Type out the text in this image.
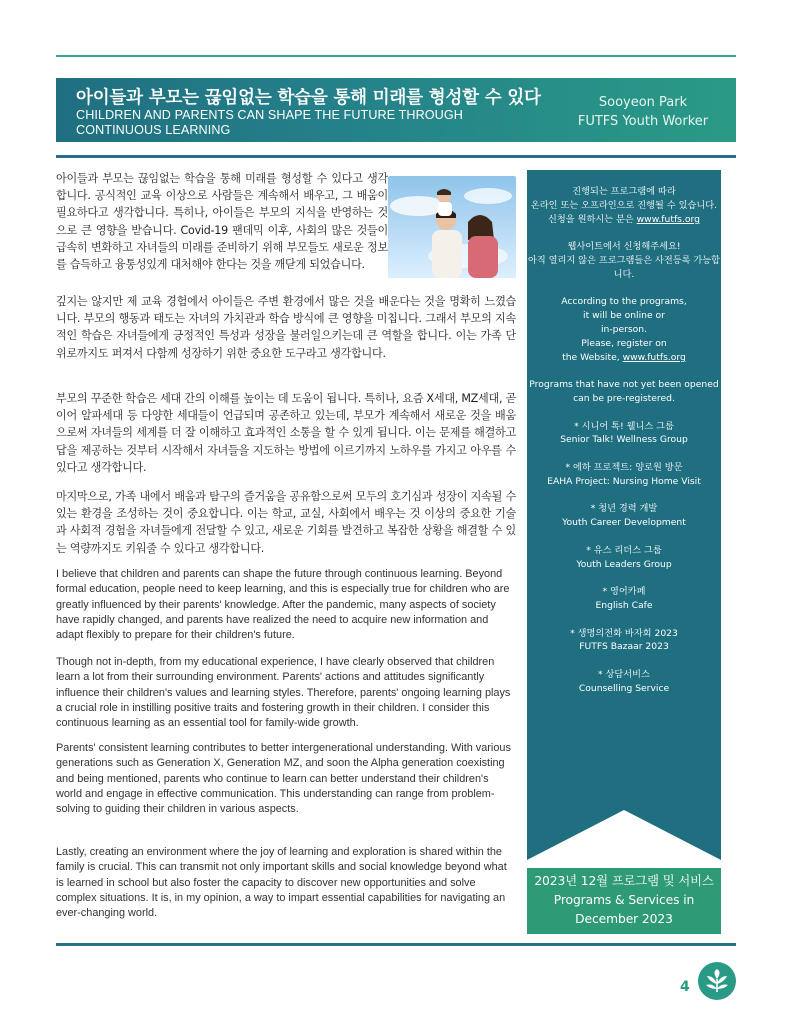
아이들과 부모는 끊임없는 학습을 통해 미래를 형성할 수 있다
CHILDREN AND PARENTS CAN SHAPE THE FUTURE THROUGH
CONTINUOUS LEARNING
Sooyeon Park
FUTFS Youth Worker

아이들과 부모는 끊임없는 학습을 통해 미래를 형성할 수 있다고 생각합니다. 공식적인 교육 이상으로 사람들은 계속해서 배우고, 그 배움이 필요하다고 생각합니다. 특히나, 아이들은 부모의 지식을 반영하는 것으로 큰 영향을 받습니다. Covid-19 팬데믹 이후, 사회의 많은 것들이 급속히 변화하고 자녀들의 미래를 준비하기 위해 부모들도 새로운 정보를 습득하고 융통성있게 대처해야 한다는 것을 깨닫게 되었습니다.

깊지는 않지만 제 교육 경험에서 아이들은 주변 환경에서 많은 것을 배운다는 것을 명확히 느꼈습니다. 부모의 행동과 태도는 자녀의 가치관과 학습 방식에 큰 영향을 미칩니다. 그래서 부모의 지속적인 학습은 자녀들에게 긍정적인 특성과 성장을 불러일으키는데 큰 역할을 합니다. 이는 가족 단위로까지도 퍼져서 다함께 성장하기 위한 중요한 도구라고 생각합니다.

부모의 꾸준한 학습은 세대 간의 이해를 높이는 데 도움이 됩니다. 특히나, 요즘 X세대, MZ세대, 곧이어 알파세대 등 다양한 세대들이 언급되며 공존하고 있는데, 부모가 계속해서 새로운 것을 배움으로써 자녀들의 세계를 더 잘 이해하고 효과적인 소통을 할 수 있게 됩니다. 이는 문제를 해결하고 답을 제공하는 것부터 시작해서 자녀들을 지도하는 방법에 이르기까지 노하우를 가지고 아우를 수 있다고 생각합니다.

마지막으로, 가족 내에서 배움과 탐구의 즐거움을 공유함으로써 모두의 호기심과 성장이 지속될 수 있는 환경을 조성하는 것이 중요합니다. 이는 학교, 교실, 사회에서 배우는 것 이상의 중요한 기술과 사회적 경험을 자녀들에게 전달할 수 있고, 새로운 기회를 발견하고 복잡한 상황을 해결할 수 있는 역량까지도 키워줄 수 있다고 생각합니다.

I believe that children and parents can shape the future through continuous learning. Beyond formal education, people need to keep learning, and this is especially true for children who are greatly influenced by their parents' knowledge. After the pandemic, many aspects of society have rapidly changed, and parents have realized the need to acquire new information and adapt flexibly to prepare for their children's future.

Though not in-depth, from my educational experience, I have clearly observed that children learn a lot from their surrounding environment. Parents' actions and attitudes significantly influence their children's values and learning styles. Therefore, parents' ongoing learning plays a crucial role in instilling positive traits and fostering growth in their children. I consider this continuous learning as an essential tool for family-wide growth.

Parents' consistent learning contributes to better intergenerational understanding. With various generations such as Generation X, Generation MZ, and soon the Alpha generation coexisting and being mentioned, parents who continue to learn can better understand their children's world and engage in effective communication. This understanding can range from problem-solving to guiding their children in various aspects.

Lastly, creating an environment where the joy of learning and exploration is shared within the family is crucial. This can transmit not only important skills and social knowledge beyond what is learned in school but also foster the capacity to discover new opportunities and solve complex situations. It is, in my opinion, a way to impart essential capabilities for navigating an ever-changing world.

진행되는 프로그램에 따라
온라인 또는 오프라인으로 진행될 수 있습니다.
신청을 원하시는 분은 www.futfs.org
웹사이트에서 신청해주세요!
아직 열리지 않은 프로그램들은 사전등록 가능합니다.
According to the programs,
it will be online or
in-person.
Please, register on
the Website, www.futfs.org
Programs that have not yet been opened can be pre-registered.
* 시니어 톡! 웰니스 그룹
Senior Talk! Wellness Group
* 에하 프로젝트: 양로원 방문
EAHA Project: Nursing Home Visit
* 청년 경력 개발
Youth Career Development
* 유스 리더스 그룹
Youth Leaders Group
* 영어카페
English Cafe
* 생명의전화 바자회 2023
FUTFS Bazaar 2023
* 상담서비스
Counselling Service
2023년 12월 프로그램 및 서비스 Programs & Services in December 2023
4
